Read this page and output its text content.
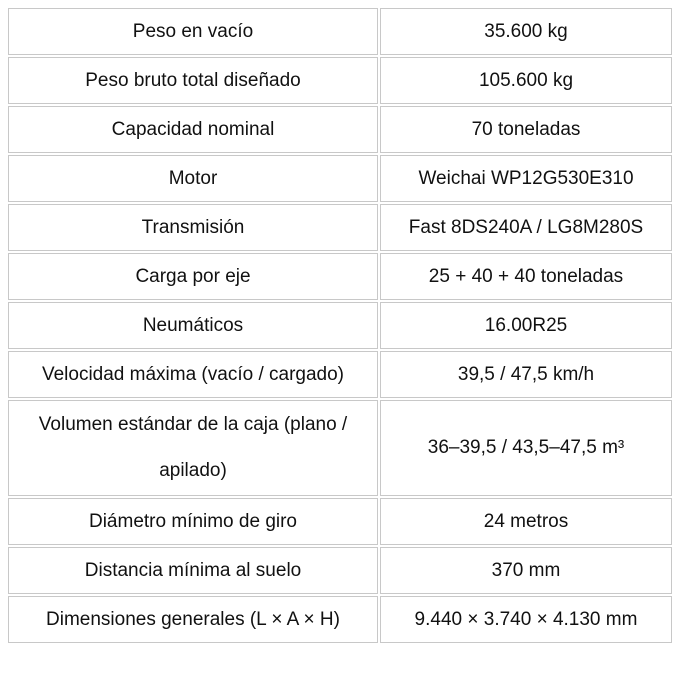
Peso en vacío	35.600 kg
Peso bruto total diseñado	105.600 kg
Capacidad nominal	70 toneladas
Motor	Weichai WP12G530E310
Transmisión	Fast 8DS240A / LG8M280S
Carga por eje	25 + 40 + 40 toneladas
Neumáticos	16.00R25
Velocidad máxima (vacío / cargado)	39,5 / 47,5 km/h
Volumen estándar de la caja (plano / apilado)	36–39,5 / 43,5–47,5 m³
Diámetro mínimo de giro	24 metros
Distancia mínima al suelo	370 mm
Dimensiones generales (L × A × H)	9.440 × 3.740 × 4.130 mm
